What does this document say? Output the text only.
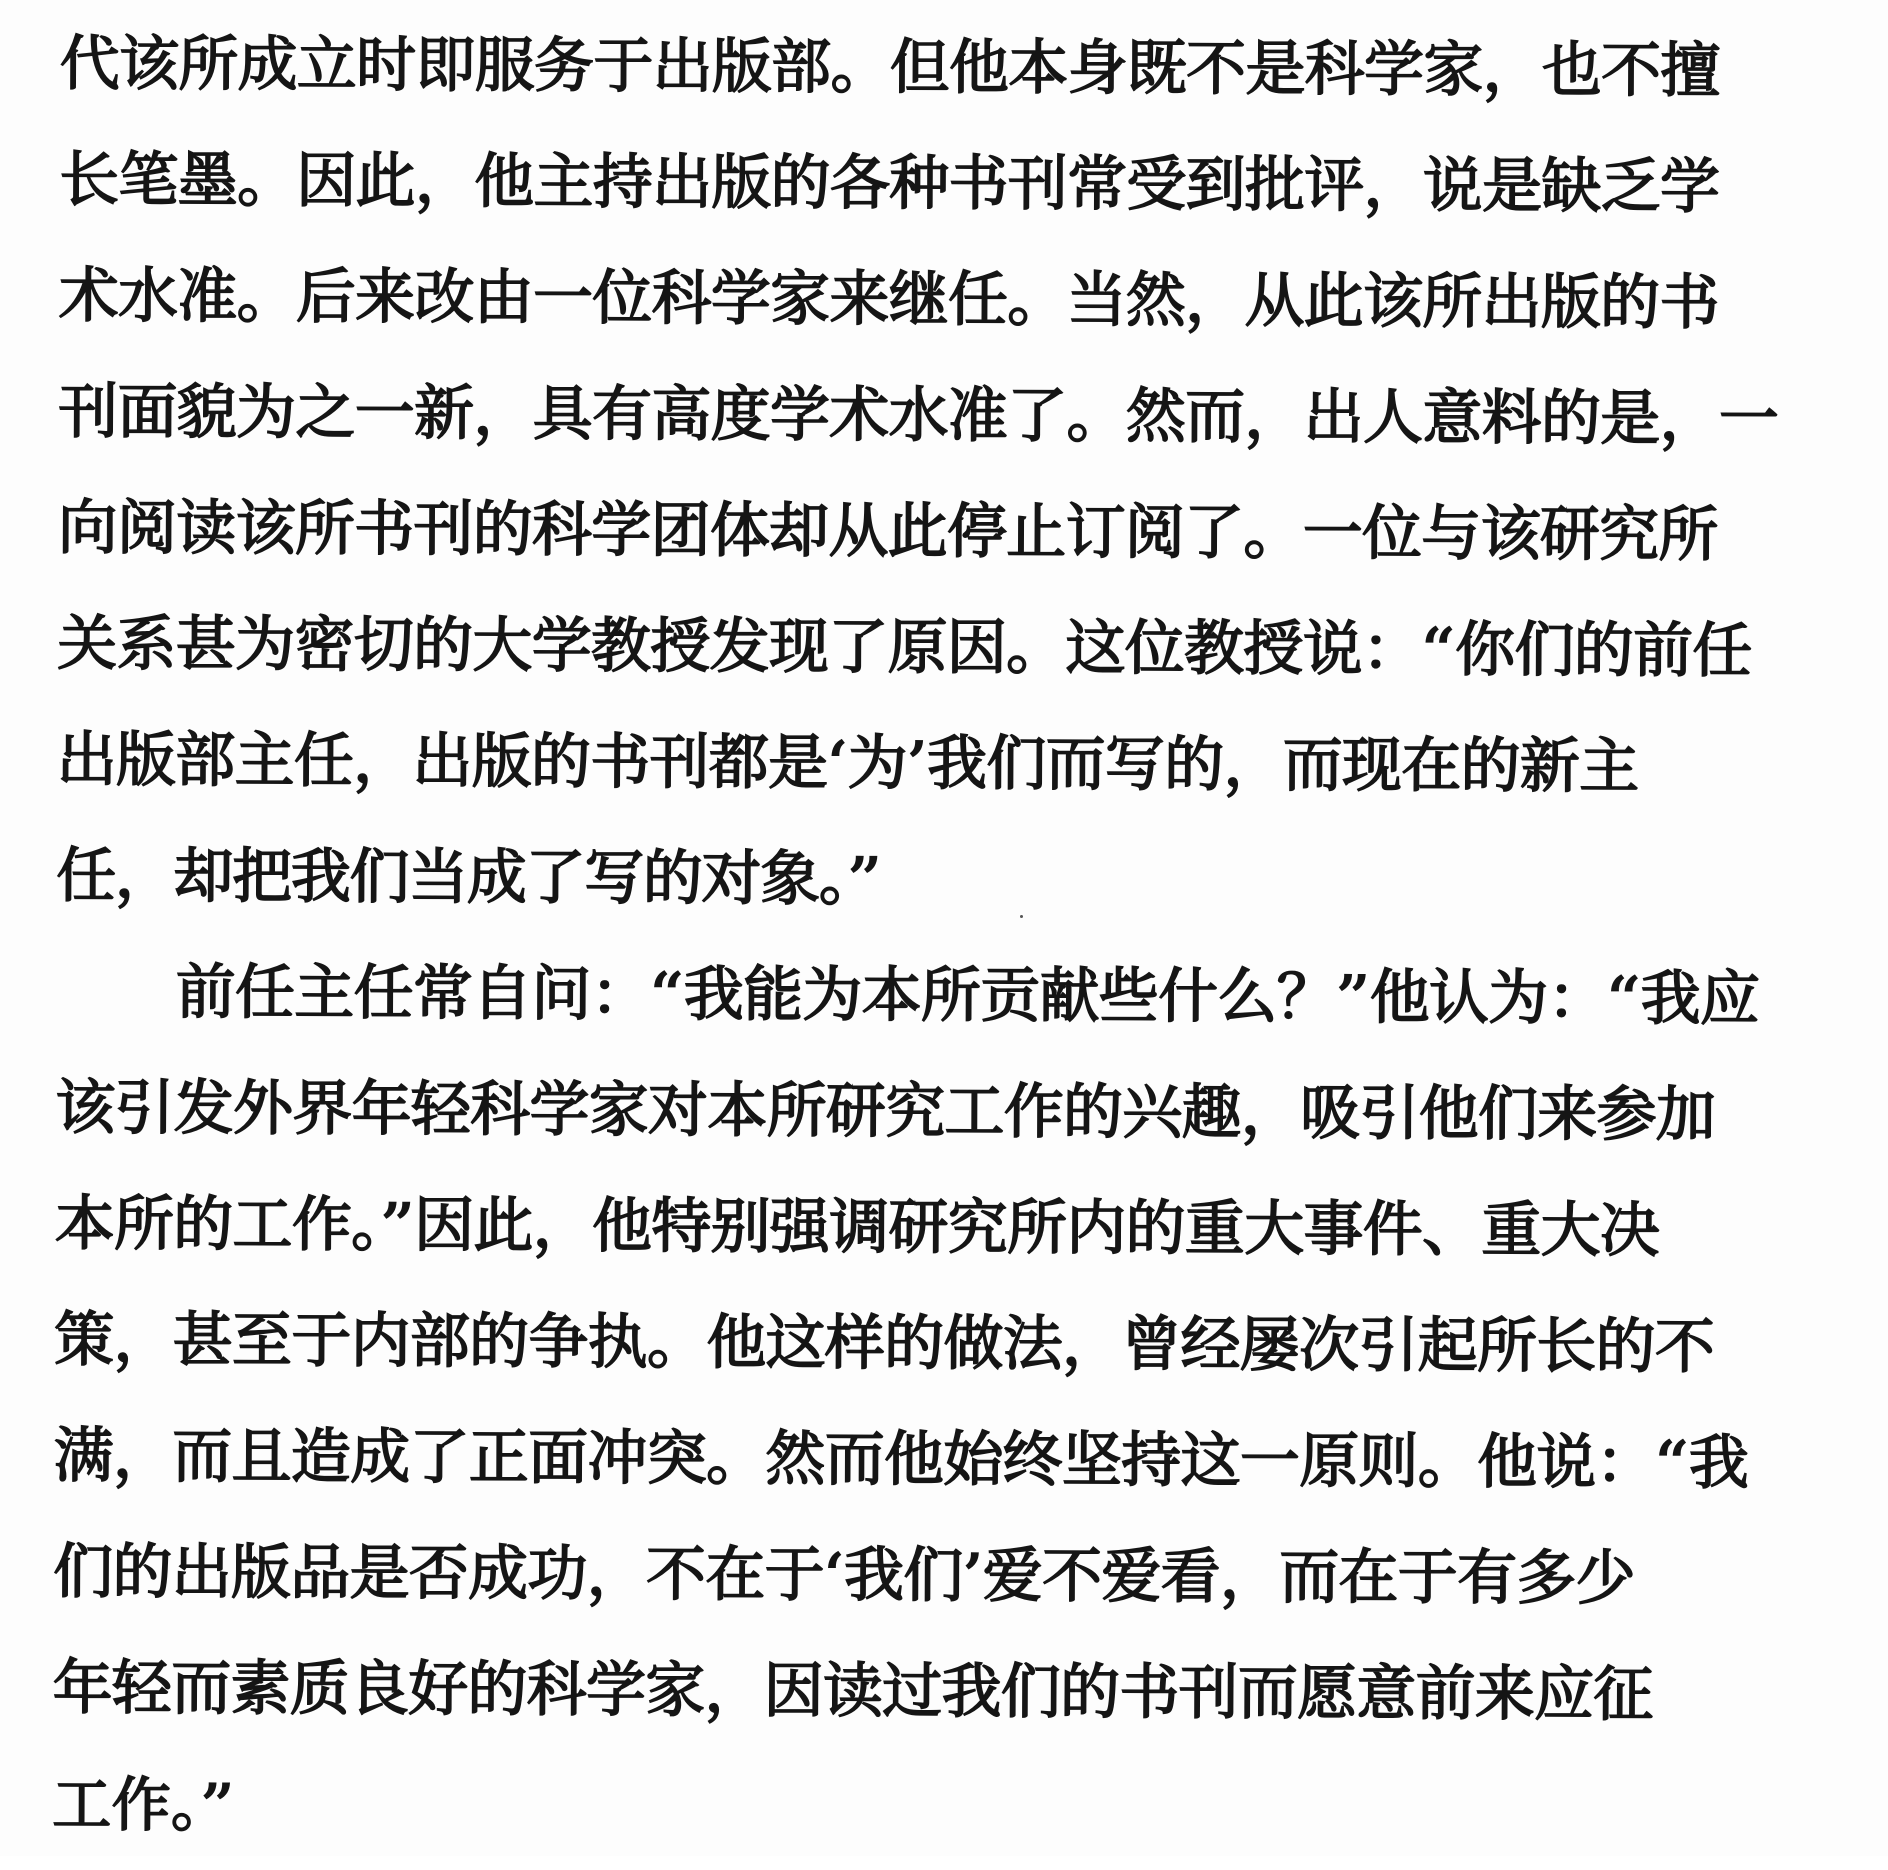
代该所成立时即服务于出版部。但他本身既不是科学家，也不擅
长笔墨。因此，他主持出版的各种书刊常受到批评，说是缺乏学
术水准。后来改由一位科学家来继任。当然，从此该所出版的书
刊面貌为之一新，具有高度学术水准了。然而，出人意料的是，一
向阅读该所书刊的科学团体却从此停止订阅了。一位与该研究所
关系甚为密切的大学教授发现了原因。这位教授说：“你们的前任
出版部主任，出版的书刊都是‘为’我们而写的，而现在的新主
任，却把我们当成了写的对象。”

前任主任常自问：“我能为本所贡献些什么？”他认为：“我应
该引发外界年轻科学家对本所研究工作的兴趣，吸引他们来参加
本所的工作。”因此，他特别强调研究所内的重大事件、重大决
策，甚至于内部的争执。他这样的做法，曾经屡次引起所长的不
满，而且造成了正面冲突。然而他始终坚持这一原则。他说：“我
们的出版品是否成功，不在于‘我们’爱不爱看，而在于有多少
年轻而素质良好的科学家，因读过我们的书刊而愿意前来应征
工作。”
